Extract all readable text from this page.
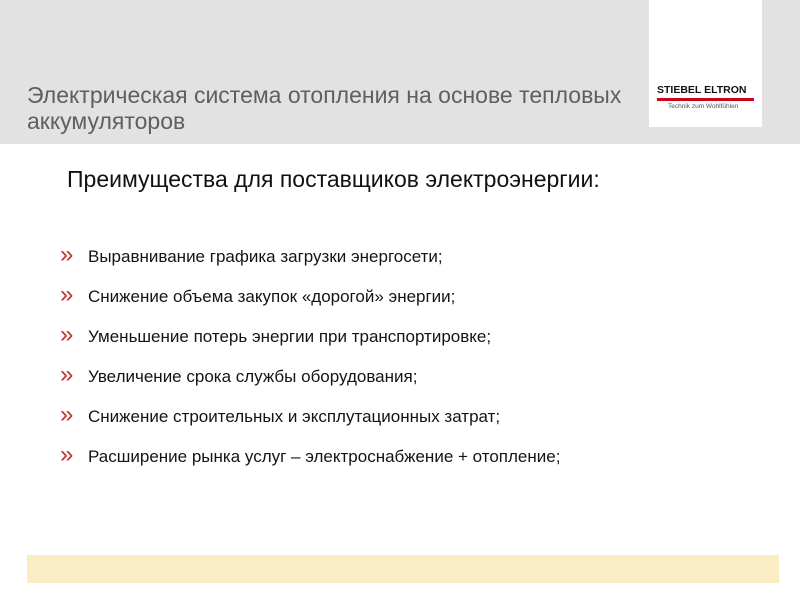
Электрическая система отопления на основе тепловых аккумуляторов
STIEBEL ELTRON
Technik zum Wohlfühlen
Преимущества для поставщиков электроэнергии:
» Выравнивание графика загрузки энергосети;
» Снижение объема закупок «дорогой» энергии;
» Уменьшение потерь энергии при транспортировке;
» Увеличение срока службы оборудования;
» Снижение строительных и эксплутационных затрат;
» Расширение рынка услуг – электроснабжение + отопление;
